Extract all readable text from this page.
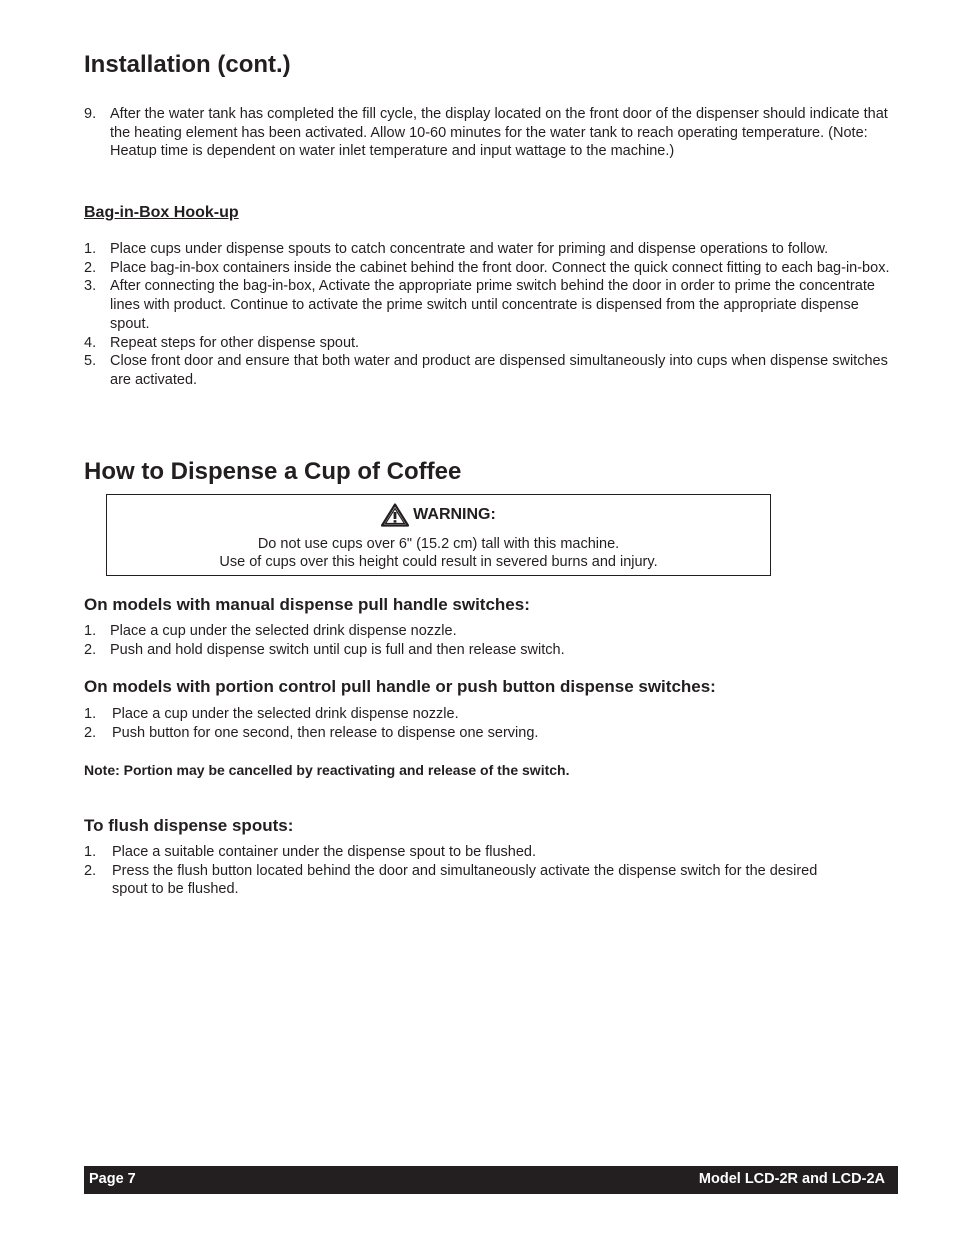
Installation (cont.)
9. After the water tank has completed the fill cycle, the display located on the front door of the dispenser should indicate that the heating element has been activated. Allow 10-60 minutes for the water tank to reach operating temperature. (Note: Heatup time is dependent on water inlet temperature and input wattage to the machine.)
Bag-in-Box Hook-up
1. Place cups under dispense spouts to catch concentrate and water for priming and dispense operations to follow.
2. Place bag-in-box containers inside the cabinet behind the front door. Connect the quick connect fitting to each bag-in-box.
3. After connecting the bag-in-box, Activate the appropriate prime switch behind the door in order to prime the concentrate lines with product. Continue to activate the prime switch until concentrate is dispensed from the appropriate dispense spout.
4. Repeat steps for other dispense spout.
5. Close front door and ensure that both water and product are dispensed simultaneously into cups when dispense switches are activated.
How to Dispense a Cup of Coffee
WARNING:
Do not use cups over 6" (15.2 cm) tall with this machine.
Use of cups over this height could result in severed burns and injury.
On models with manual dispense pull handle switches:
1. Place a cup under the selected drink dispense nozzle.
2. Push and hold dispense switch until cup is full and then release switch.
On models with portion control pull handle or push button dispense switches:
1. Place a cup under the selected drink dispense nozzle.
2. Push button for one second, then release to dispense one serving.

Note: Portion may be cancelled by reactivating and release of the switch.

To flush dispense spouts:
1. Place a suitable container under the dispense spout to be flushed.
2. Press the flush button located behind the door and simultaneously activate the dispense switch for the desired spout to be flushed.
Page 7	Model LCD-2R and LCD-2A
